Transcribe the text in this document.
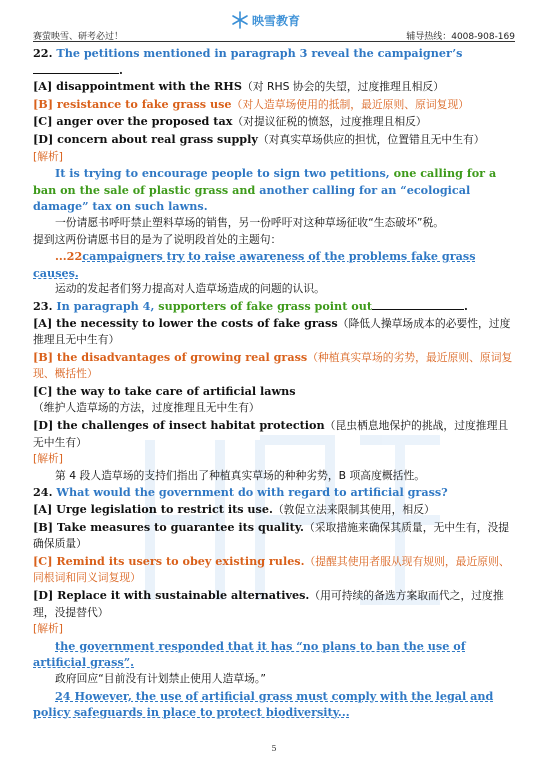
赛萤映雪、研考必过！
映雪教育
辅导热线：4008-908-169

22. The petitions mentioned in paragraph 3 reveal the campaigner’s.

[A] disappointment with the RHS（对 RHS 协会的失望，过度推理且相反）

[B] resistance to fake grass use（对人造草场使用的抵制，最近原则、原词复现）

[C] anger over the proposed tax（对提议征税的愤怒，过度推理且相反）

[D] concern about real grass supply（对真实草场供应的担忧，位置错且无中生有）

[解析]

It is trying to encourage people to sign two petitions, one calling for a ban on the sale of plastic grass and another calling for an “ecological damage” tax on such lawns.

一份请愿书呼吁禁止塑料草场的销售，另一份呼吁对这种草场征收“生态破坏”税。

提到这两份请愿书目的是为了说明段首处的主题句：

...22campaigners try to raise awareness of the problems fake grass causes.

运动的发起者们努力提高对人造草场造成的问题的认识。

23. In paragraph 4, supporters of fake grass point out	.

[A] the necessity to lower the costs of fake grass（降低人操草场成本的必要性，过度推理且无中生有）

[B] the disadvantages of growing real grass（种植真实草场的劣势，最近原则、原词复现、概括性）

[C] the way to take care of artificial lawns（维护人造草场的方法，过度推理且无中生有）

[D] the challenges of insect habitat protection（昆虫栖息地保护的挑战，过度推理且无中生有）

[解析]

第 4 段人造草场的支持们指出了种植真实草场的种种劣势，B 项高度概括性。

24. What would the government do with regard to artificial grass?

[A] Urge legislation to restrict its use.（敦促立法来限制其使用，相反）

[B] Take measures to guarantee its quality.（采取措施来确保其质量，无中生有，没提确保质量）

[C] Remind its users to obey existing rules.（提醒其使用者服从现有规则，最近原则、同根词和同义词复现）

[D] Replace it with sustainable alternatives.（用可持续的备选方案取而代之，过度推理，没提替代）

[解析]

the government responded that it has “no plans to ban the use of artificial grass”.

政府回应“目前没有计划禁止使用人造草场。”

24 However, the use of artificial grass must comply with the legal and policy safeguards in place to protect biodiversity...

5
